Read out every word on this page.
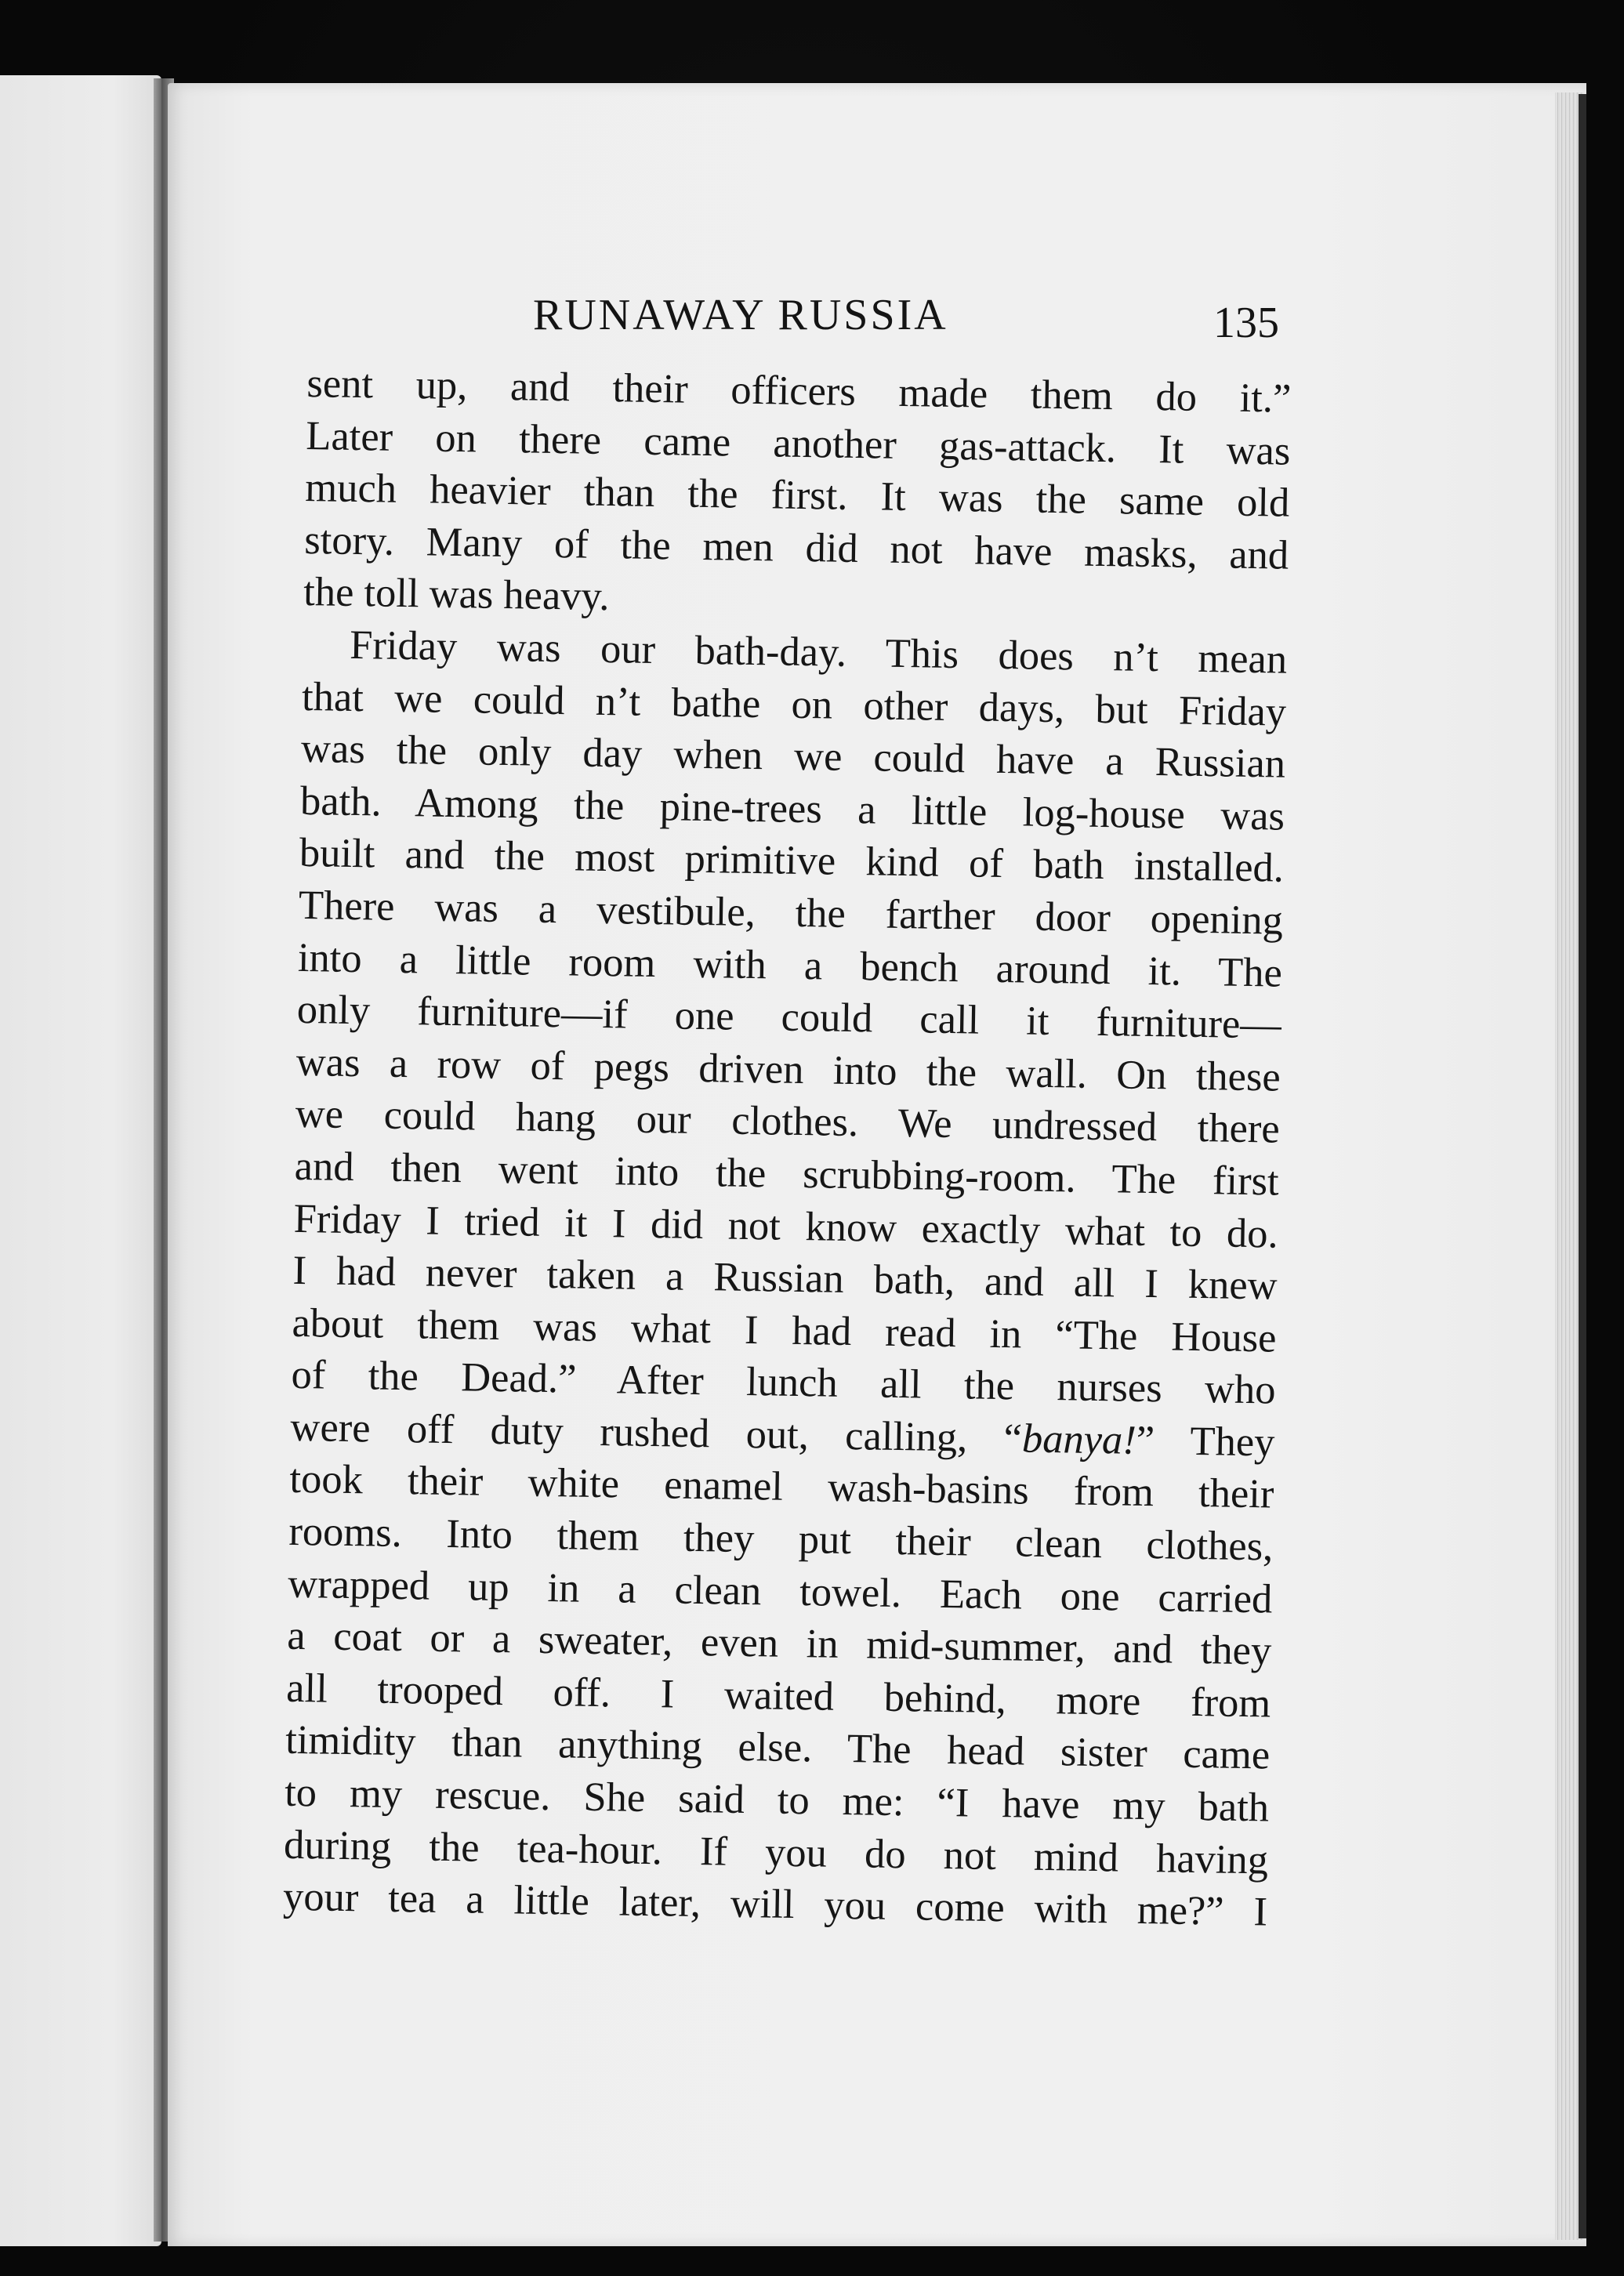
RUNAWAY RUSSIA	135
sent up, and their officers made them do it.”
Later on there came another gas-attack. It was
much heavier than the first. It was the same old
story. Many of the men did not have masks, and
the toll was heavy.
Friday was our bath-day. This does n’t mean
that we could n’t bathe on other days, but Friday
was the only day when we could have a Russian
bath. Among the pine-trees a little log-house was
built and the most primitive kind of bath installed.
There was a vestibule, the farther door opening
into a little room with a bench around it. The
only furniture—if one could call it furniture—
was a row of pegs driven into the wall. On these
we could hang our clothes. We undressed there
and then went into the scrubbing-room. The first
Friday I tried it I did not know exactly what to do.
I had never taken a Russian bath, and all I knew
about them was what I had read in “The House
of the Dead.” After lunch all the nurses who
were off duty rushed out, calling, “banya!” They
took their white enamel wash-basins from their
rooms. Into them they put their clean clothes,
wrapped up in a clean towel. Each one carried
a coat or a sweater, even in mid-summer, and they
all trooped off. I waited behind, more from
timidity than anything else. The head sister came
to my rescue. She said to me: “I have my bath
during the tea-hour. If you do not mind having
your tea a little later, will you come with me?” I
